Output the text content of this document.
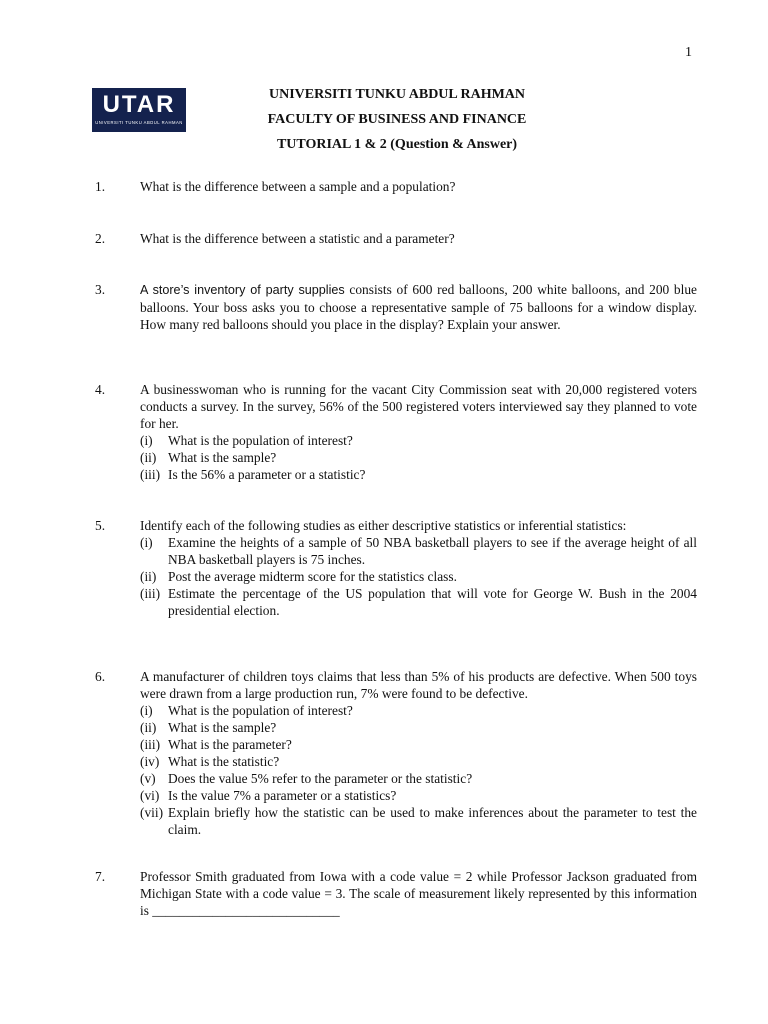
1
UTAR
UNIVERSITI TUNKU ABDUL RAHMAN
UNIVERSITI TUNKU ABDUL RAHMAN
FACULTY OF BUSINESS AND FINANCE
TUTORIAL 1 & 2 (Question & Answer)
1.	What is the difference between a sample and a population?
2.	What is the difference between a statistic and a parameter?
3.	A store’s inventory of party supplies consists of 600 red balloons, 200 white balloons, and 200 blue balloons. Your boss asks you to choose a representative sample of 75 balloons for a window display. How many red balloons should you place in the display? Explain your answer.
4.	A businesswoman who is running for the vacant City Commission seat with 20,000 registered voters conducts a survey. In the survey, 56% of the 500 registered voters interviewed say they planned to vote for her.
(i) What is the population of interest?
(ii) What is the sample?
(iii) Is the 56% a parameter or a statistic?
5.	Identify each of the following studies as either descriptive statistics or inferential statistics:
(i) Examine the heights of a sample of 50 NBA basketball players to see if the average height of all NBA basketball players is 75 inches.
(ii) Post the average midterm score for the statistics class.
(iii) Estimate the percentage of the US population that will vote for George W. Bush in the 2004 presidential election.
6.	A manufacturer of children toys claims that less than 5% of his products are defective. When 500 toys were drawn from a large production run, 7% were found to be defective.
(i) What is the population of interest?
(ii) What is the sample?
(iii) What is the parameter?
(iv) What is the statistic?
(v) Does the value 5% refer to the parameter or the statistic?
(vi) Is the value 7% a parameter or a statistics?
(vii) Explain briefly how the statistic can be used to make inferences about the parameter to test the claim.
7.	Professor Smith graduated from Iowa with a code value = 2 while Professor Jackson graduated from Michigan State with a code value = 3. The scale of measurement likely represented by this information is ____________________________
